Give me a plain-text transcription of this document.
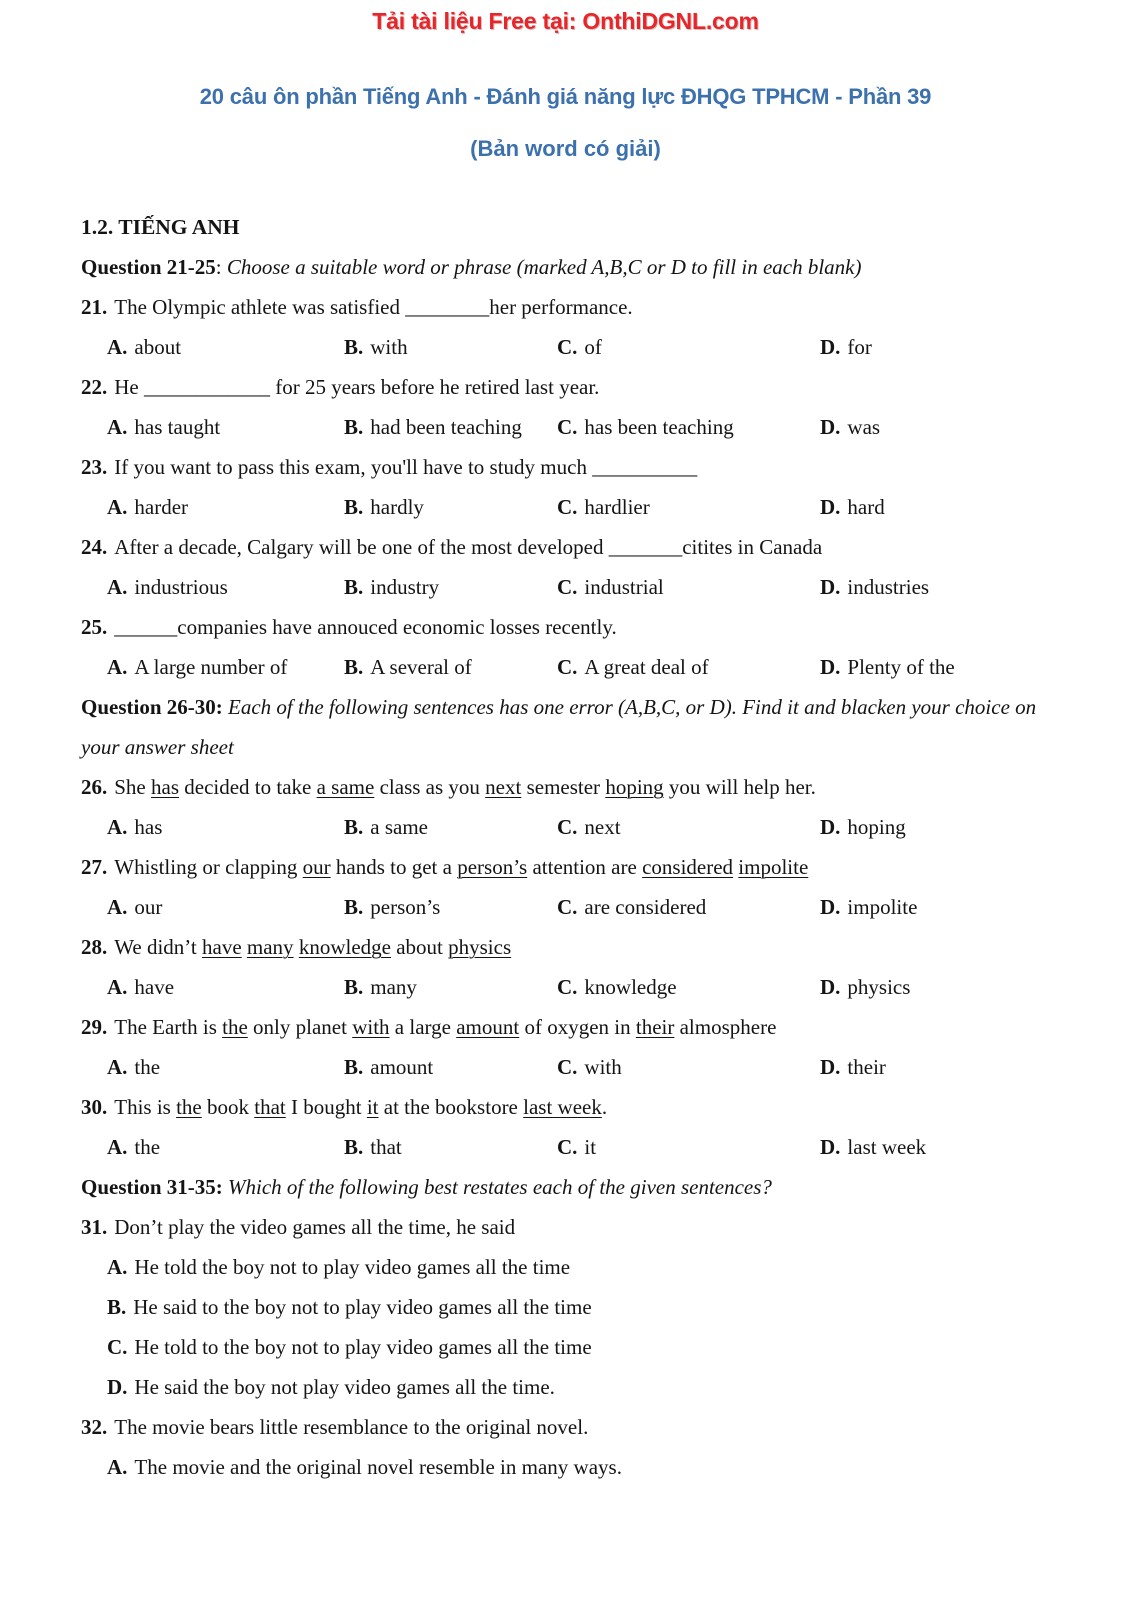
Tải tài liệu Free tại: OnthiDGNL.com
20 câu ôn phần Tiếng Anh - Đánh giá năng lực ĐHQG TPHCM - Phần 39
(Bản word có giải)
1.2. TIẾNG ANH
Question 21-25: Choose a suitable word or phrase (marked A,B,C or D to fill in each blank)
21. The Olympic athlete was satisfied ________her performance.
A. about	B. with	C. of	D. for
22. He ____________ for 25 years before he retired last year.
A. has taught	B. had been teaching	C. has been teaching	D. was
23. If you want to pass this exam, you'll have to study much __________
A. harder	B. hardly	C. hardlier	D. hard
24. After a decade, Calgary will be one of the most developed _______citites in Canada
A. industrious	B. industry	C. industrial	D. industries
25. ______companies have annouced economic losses recently.
A. A large number of	B. A several of	C. A great deal of	D. Plenty of the
Question 26-30: Each of the following sentences has one error (A,B,C, or D). Find it and blacken your choice on your answer sheet
26. She has decided to take a same class as you next semester hoping you will help her.
A. has	B. a same	C. next	D. hoping
27. Whistling or clapping our hands to get a person’s attention are considered impolite
A. our	B. person’s	C. are considered	D. impolite
28. We didn’t have many knowledge about physics
A. have	B. many	C. knowledge	D. physics
29. The Earth is the only planet with a large amount of oxygen in their almosphere
A. the	B. amount	C. with	D. their
30. This is the book that I bought it at the bookstore last week.
A. the	B. that	C. it	D. last week
Question 31-35: Which of the following best restates each of the given sentences?
31. Don’t play the video games all the time, he said
A. He told the boy not to play video games all the time
B. He said to the boy not to play video games all the time
C. He told to the boy not to play video games all the time
D. He said the boy not play video games all the time.
32. The movie bears little resemblance to the original novel.
A. The movie and the original novel resemble in many ways.
